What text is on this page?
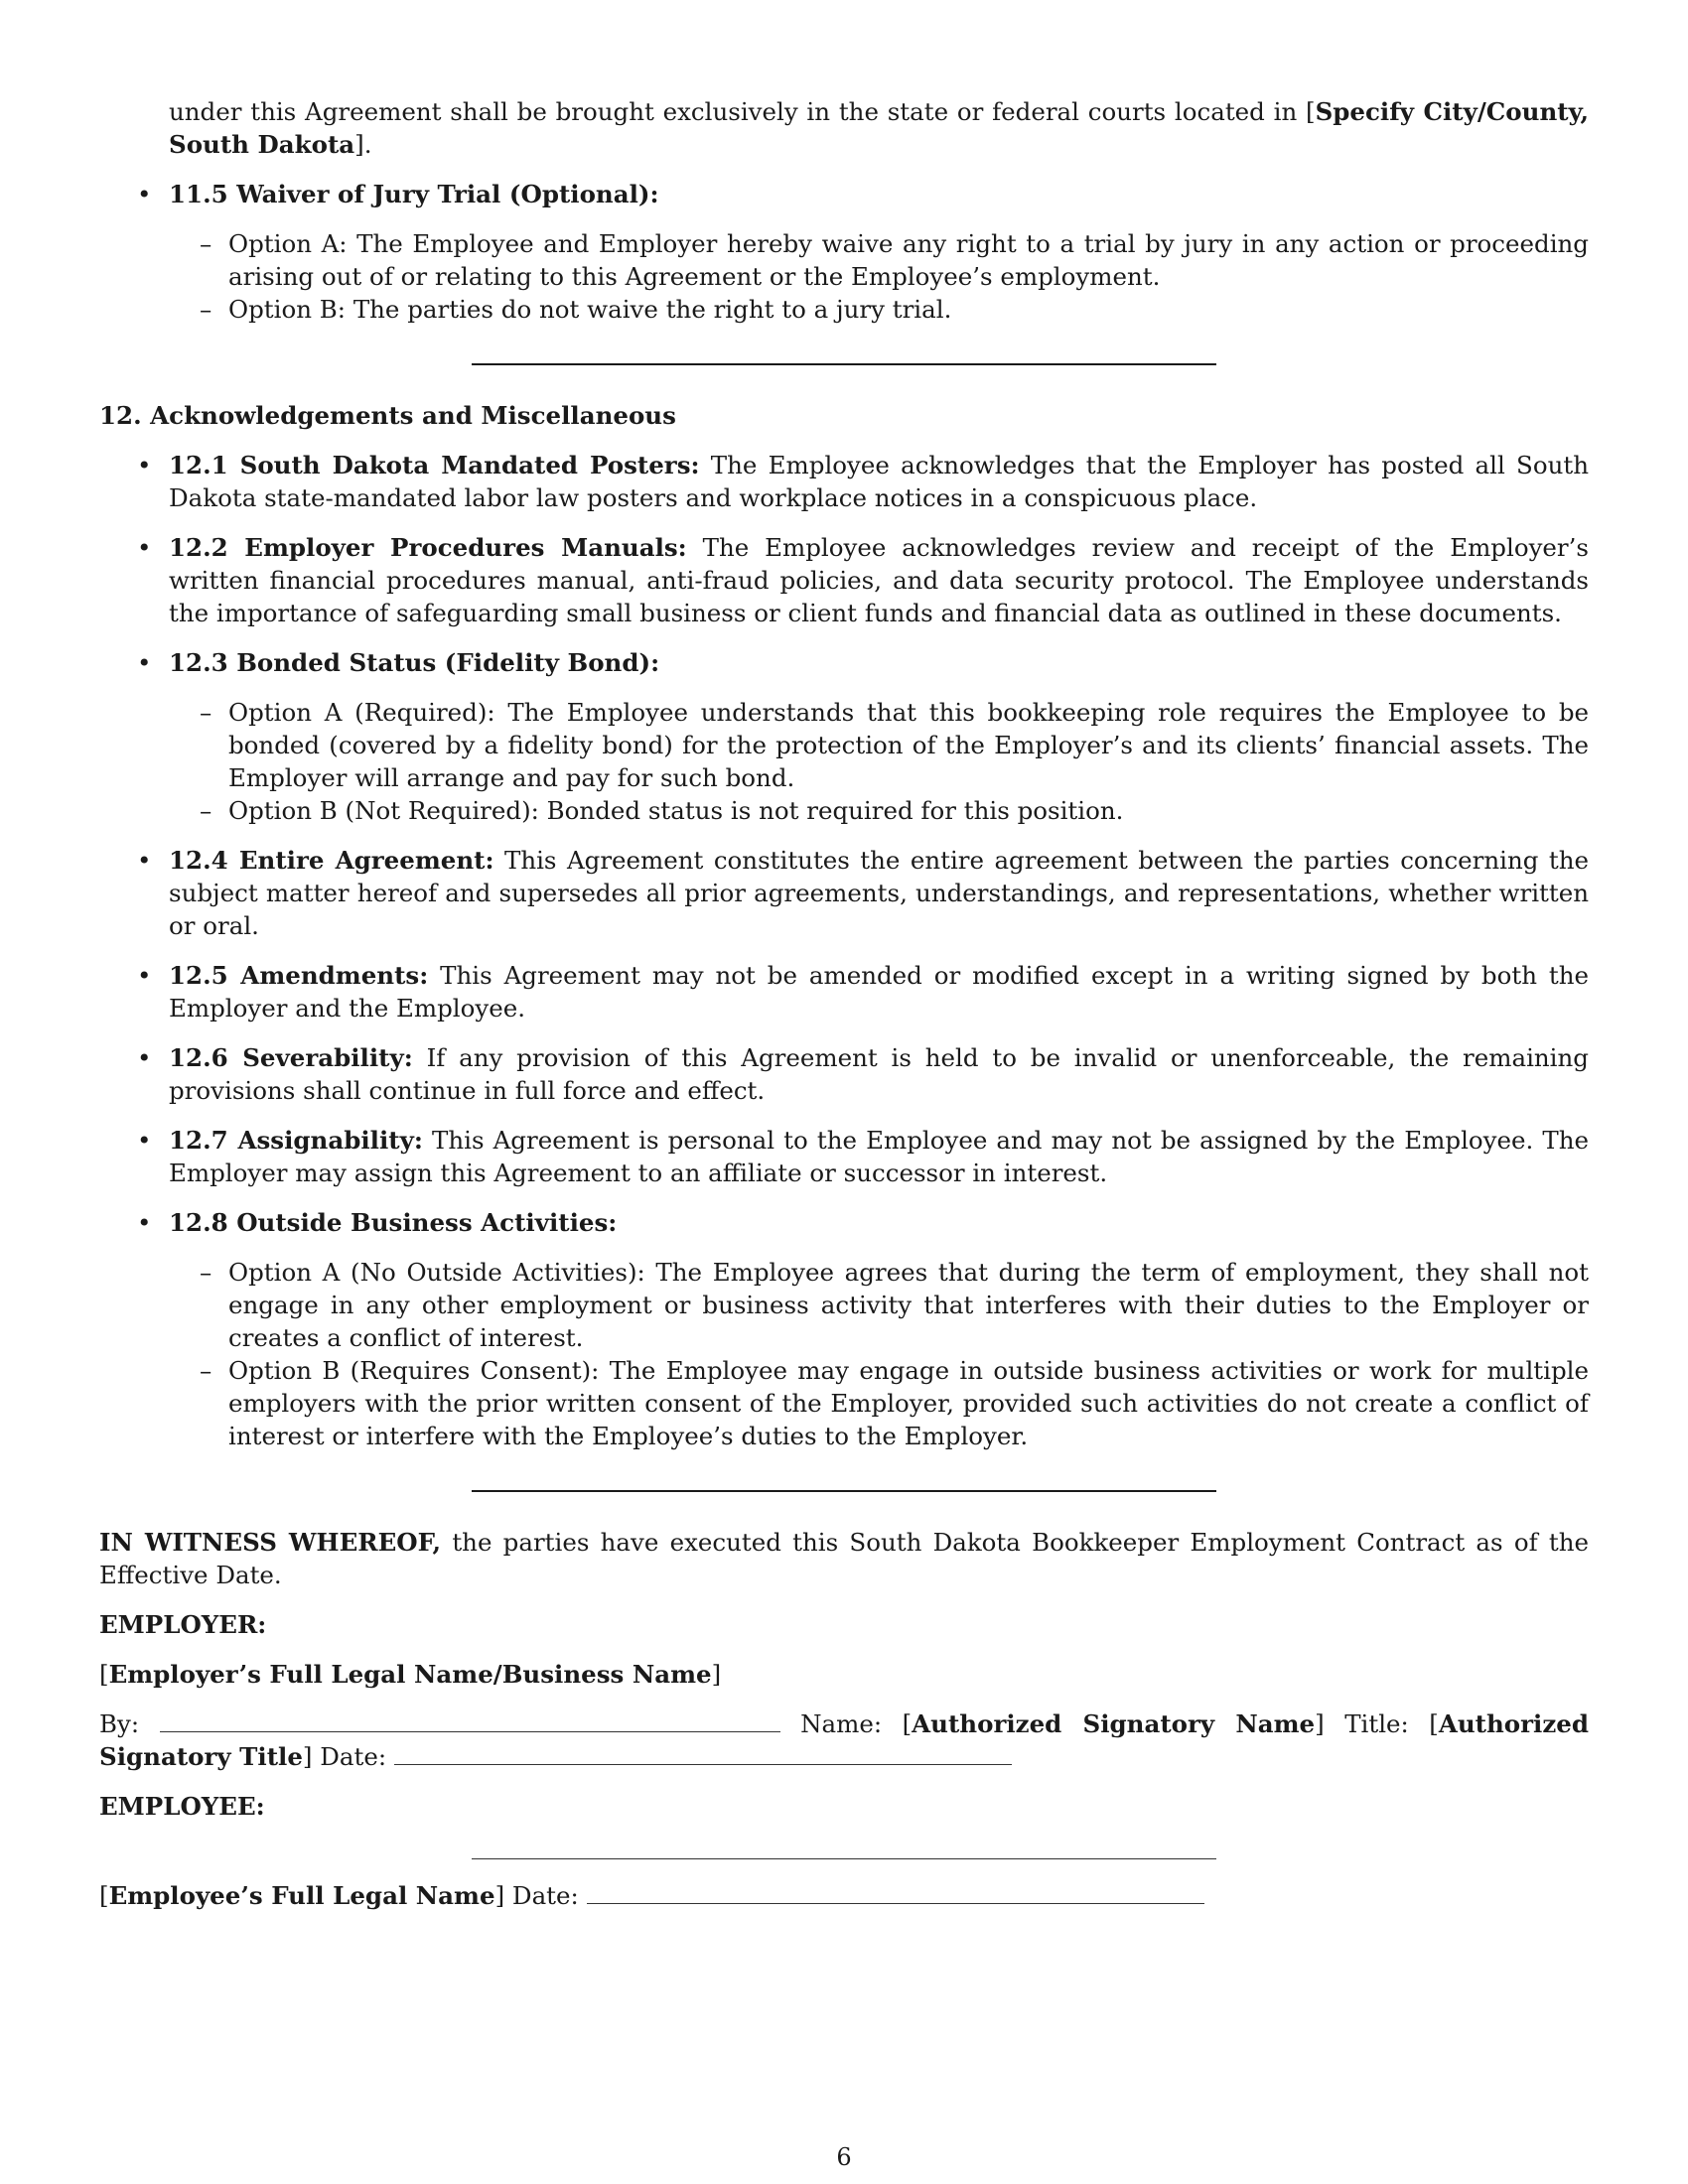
under this Agreement shall be brought exclusively in the state or federal courts located in [Specify City/County, South Dakota].

• 11.5 Waiver of Jury Trial (Optional):
– Option A: The Employee and Employer hereby waive any right to a trial by jury in any action or proceeding arising out of or relating to this Agreement or the Employee’s employment.
– Option B: The parties do not waive the right to a jury trial.

12. Acknowledgements and Miscellaneous

• 12.1 South Dakota Mandated Posters: The Employee acknowledges that the Employer has posted all South Dakota state-mandated labor law posters and workplace notices in a conspicuous place.
• 12.2 Employer Procedures Manuals: The Employee acknowledges review and receipt of the Employer’s written financial procedures manual, anti-fraud policies, and data security protocol. The Employee understands the importance of safeguarding small business or client funds and financial data as outlined in these documents.
• 12.3 Bonded Status (Fidelity Bond):
– Option A (Required): The Employee understands that this bookkeeping role requires the Employee to be bonded (covered by a fidelity bond) for the protection of the Employer’s and its clients’ financial assets. The Employer will arrange and pay for such bond.
– Option B (Not Required): Bonded status is not required for this position.
• 12.4 Entire Agreement: This Agreement constitutes the entire agreement between the parties concerning the subject matter hereof and supersedes all prior agreements, understandings, and representations, whether written or oral.
• 12.5 Amendments: This Agreement may not be amended or modified except in a writing signed by both the Employer and the Employee.
• 12.6 Severability: If any provision of this Agreement is held to be invalid or unenforceable, the remaining provisions shall continue in full force and effect.
• 12.7 Assignability: This Agreement is personal to the Employee and may not be assigned by the Employee. The Employer may assign this Agreement to an affiliate or successor in interest.
• 12.8 Outside Business Activities:
– Option A (No Outside Activities): The Employee agrees that during the term of employment, they shall not engage in any other employment or business activity that interferes with their duties to the Employer or creates a conflict of interest.
– Option B (Requires Consent): The Employee may engage in outside business activities or work for multiple employers with the prior written consent of the Employer, provided such activities do not create a conflict of interest or interfere with the Employee’s duties to the Employer.

IN WITNESS WHEREOF, the parties have executed this South Dakota Bookkeeper Employment Contract as of the Effective Date.

EMPLOYER:

[Employer’s Full Legal Name/Business Name]

By:	Name: [Authorized Signatory Name] Title: [Authorized Signatory Title] Date:

EMPLOYEE:

[Employee’s Full Legal Name] Date:

6
